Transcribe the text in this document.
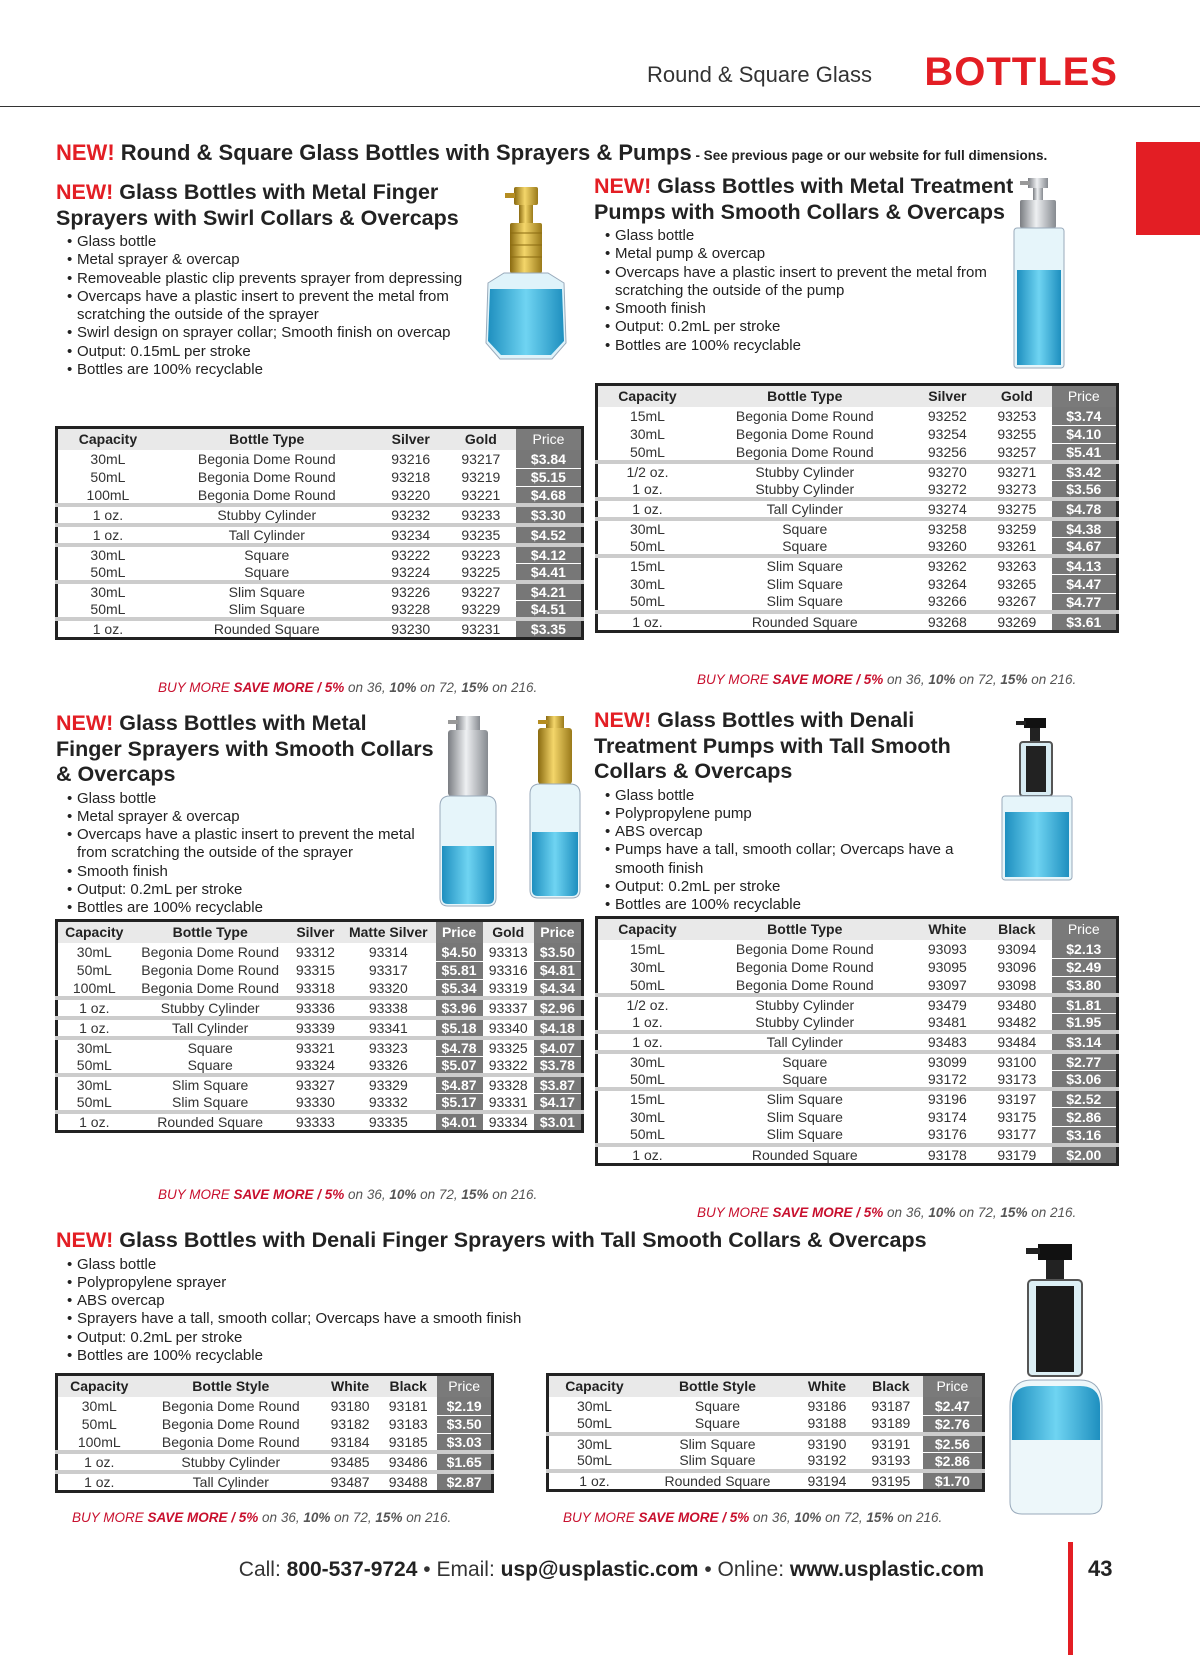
Round & Square Glass BOTTLES
NEW! Round & Square Glass Bottles with Sprayers & Pumps - See previous page or our website for full dimensions.
NEW! Glass Bottles with Metal Finger Sprayers with Swirl Collars & Overcaps
• Glass bottle
• Metal sprayer & overcap
• Removeable plastic clip prevents sprayer from depressing
• Overcaps have a plastic insert to prevent the metal from scratching the outside of the sprayer
• Swirl design on sprayer collar; Smooth finish on overcap
• Output: 0.15mL per stroke
• Bottles are 100% recyclable
Capacity	Bottle Type	Silver	Gold	Price
30mL	Begonia Dome Round	93216	93217	$3.84
50mL	Begonia Dome Round	93218	93219	$5.15
100mL	Begonia Dome Round	93220	93221	$4.68
1 oz.	Stubby Cylinder	93232	93233	$3.30
1 oz.	Tall Cylinder	93234	93235	$4.52
30mL	Square	93222	93223	$4.12
50mL	Square	93224	93225	$4.41
30mL	Slim Square	93226	93227	$4.21
50mL	Slim Square	93228	93229	$4.51
1 oz.	Rounded Square	93230	93231	$3.35
BUY MORE SAVE MORE / 5% on 36, 10% on 72, 15% on 216.
NEW! Glass Bottles with Metal Treatment Pumps with Smooth Collars & Overcaps
• Glass bottle
• Metal pump & overcap
• Overcaps have a plastic insert to prevent the metal from scratching the outside of the pump
• Smooth finish
• Output: 0.2mL per stroke
• Bottles are 100% recyclable
Capacity	Bottle Type	Silver	Gold	Price
15mL	Begonia Dome Round	93252	93253	$3.74
30mL	Begonia Dome Round	93254	93255	$4.10
50mL	Begonia Dome Round	93256	93257	$5.41
1/2 oz.	Stubby Cylinder	93270	93271	$3.42
1 oz.	Stubby Cylinder	93272	93273	$3.56
1 oz.	Tall Cylinder	93274	93275	$4.78
30mL	Square	93258	93259	$4.38
50mL	Square	93260	93261	$4.67
15mL	Slim Square	93262	93263	$4.13
30mL	Slim Square	93264	93265	$4.47
50mL	Slim Square	93266	93267	$4.77
1 oz.	Rounded Square	93268	93269	$3.61
BUY MORE SAVE MORE / 5% on 36, 10% on 72, 15% on 216.
NEW! Glass Bottles with Metal Finger Sprayers with Smooth Collars & Overcaps
• Glass bottle
• Metal sprayer & overcap
• Overcaps have a plastic insert to prevent the metal from scratching the outside of the sprayer
• Smooth finish
• Output: 0.2mL per stroke
• Bottles are 100% recyclable
Capacity	Bottle Type	Silver	Matte Silver	Price	Gold	Price
30mL	Begonia Dome Round	93312	93314	$4.50	93313	$3.50
50mL	Begonia Dome Round	93315	93317	$5.81	93316	$4.81
100mL	Begonia Dome Round	93318	93320	$5.34	93319	$4.34
1 oz.	Stubby Cylinder	93336	93338	$3.96	93337	$2.96
1 oz.	Tall Cylinder	93339	93341	$5.18	93340	$4.18
30mL	Square	93321	93323	$4.78	93325	$4.07
50mL	Square	93324	93326	$5.07	93322	$3.78
30mL	Slim Square	93327	93329	$4.87	93328	$3.87
50mL	Slim Square	93330	93332	$5.17	93331	$4.17
1 oz.	Rounded Square	93333	93335	$4.01	93334	$3.01
BUY MORE SAVE MORE / 5% on 36, 10% on 72, 15% on 216.
NEW! Glass Bottles with Denali Treatment Pumps with Tall Smooth Collars & Overcaps
• Glass bottle
• Polypropylene pump
• ABS overcap
• Pumps have a tall, smooth collar; Overcaps have a smooth finish
• Output: 0.2mL per stroke
• Bottles are 100% recyclable
Capacity	Bottle Type	White	Black	Price
15mL	Begonia Dome Round	93093	93094	$2.13
30mL	Begonia Dome Round	93095	93096	$2.49
50mL	Begonia Dome Round	93097	93098	$3.80
1/2 oz.	Stubby Cylinder	93479	93480	$1.81
1 oz.	Stubby Cylinder	93481	93482	$1.95
1 oz.	Tall Cylinder	93483	93484	$3.14
30mL	Square	93099	93100	$2.77
50mL	Square	93172	93173	$3.06
15mL	Slim Square	93196	93197	$2.52
30mL	Slim Square	93174	93175	$2.86
50mL	Slim Square	93176	93177	$3.16
1 oz.	Rounded Square	93178	93179	$2.00
BUY MORE SAVE MORE / 5% on 36, 10% on 72, 15% on 216.
NEW! Glass Bottles with Denali Finger Sprayers with Tall Smooth Collars & Overcaps
• Glass bottle
• Polypropylene sprayer
• ABS overcap
• Sprayers have a tall, smooth collar; Overcaps have a smooth finish
• Output: 0.2mL per stroke
• Bottles are 100% recyclable
Capacity	Bottle Style	White	Black	Price
30mL	Begonia Dome Round	93180	93181	$2.19
50mL	Begonia Dome Round	93182	93183	$3.50
100mL	Begonia Dome Round	93184	93185	$3.03
1 oz.	Stubby Cylinder	93485	93486	$1.65
1 oz.	Tall Cylinder	93487	93488	$2.87
Capacity	Bottle Style	White	Black	Price
30mL	Square	93186	93187	$2.47
50mL	Square	93188	93189	$2.76
30mL	Slim Square	93190	93191	$2.56
50mL	Slim Square	93192	93193	$2.86
1 oz.	Rounded Square	93194	93195	$1.70
BUY MORE SAVE MORE / 5% on 36, 10% on 72, 15% on 216.	BUY MORE SAVE MORE / 5% on 36, 10% on 72, 15% on 216.
Call: 800-537-9724 • Email: usp@usplastic.com • Online: www.usplastic.com	43
